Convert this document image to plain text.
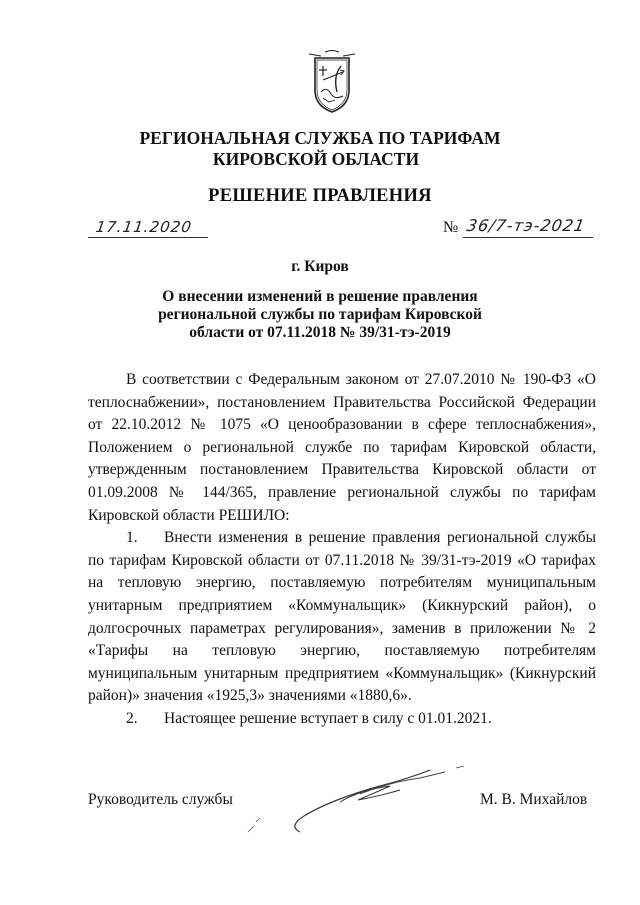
РЕГИОНАЛЬНАЯ СЛУЖБА ПО ТАРИФАМ

КИРОВСКОЙ ОБЛАСТИ
РЕШЕНИЕ ПРАВЛЕНИЯ
17.11.2020	№ 36/7-тэ-2021
г. Киров
О внесении изменений в решение правления
региональной службы по тарифам Кировской
области от 07.11.2018 № 39/31-тэ-2019

В соответствии с Федеральным законом от 27.07.2010 № 190-ФЗ «О теплоснабжении», постановлением Правительства Российской Федерации от 22.10.2012 № 1075 «О ценообразовании в сфере теплоснабжения», Положением о региональной службе по тарифам Кировской области, утвержденным постановлением Правительства Кировской области от 01.09.2008 № 144/365, правление региональной службы по тарифам Кировской области РЕШИЛО:

1. Внести изменения в решение правления региональной службы по тарифам Кировской области от 07.11.2018 № 39/31-тэ-2019 «О тарифах на тепловую энергию, поставляемую потребителям муниципальным унитарным предприятием «Коммунальщик» (Кикнурский район), о долгосрочных параметрах регулирования», заменив в приложении № 2 «Тарифы на тепловую энергию, поставляемую потребителям муниципальным унитарным предприятием «Коммунальщик» (Кикнурский район)» значения «1925,3» значениями «1880,6».

2. Настоящее решение вступает в силу с 01.01.2021.

Руководитель службы	М. В. Михайлов
